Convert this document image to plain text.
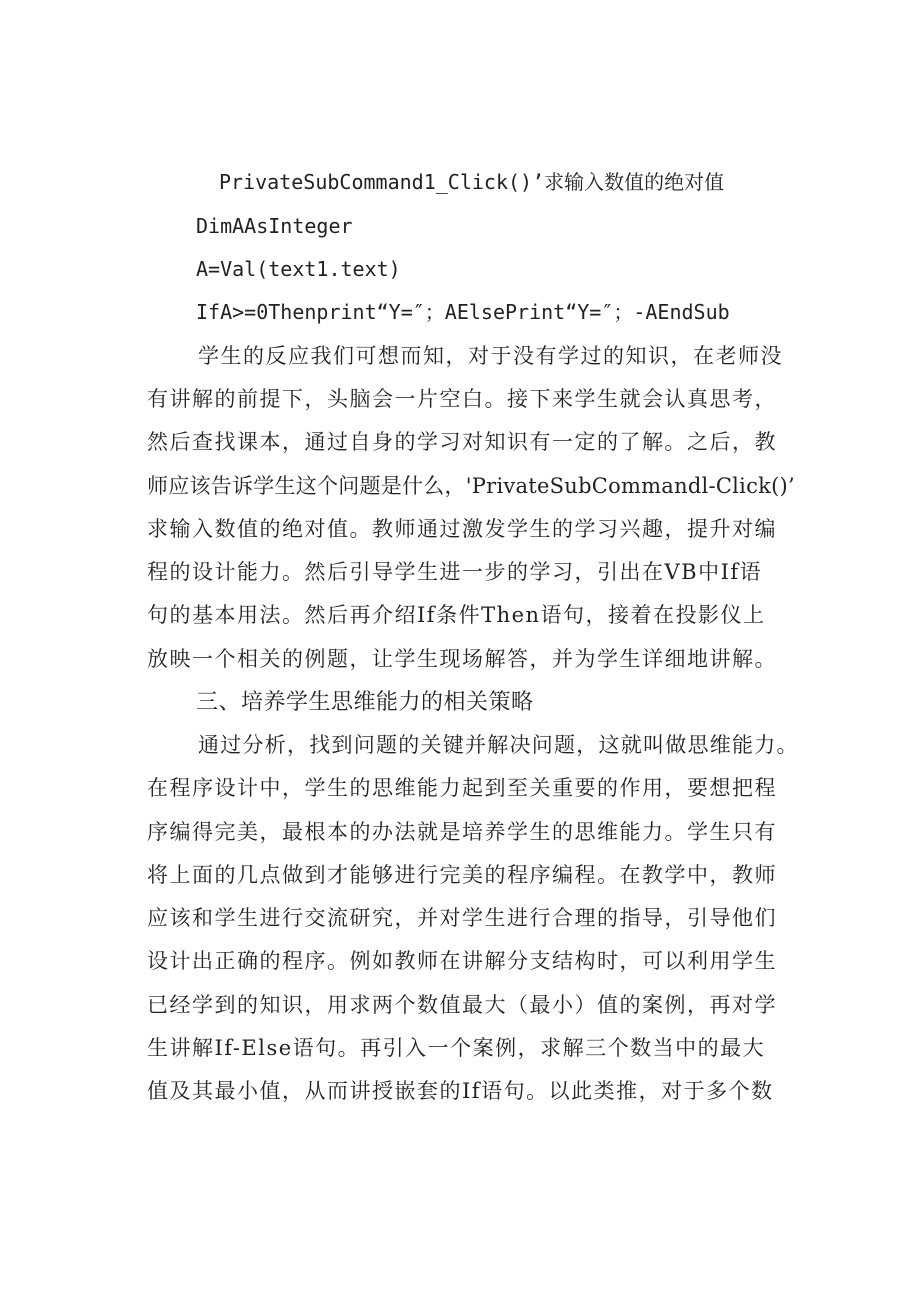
PrivateSubCommand1_Click()’求输入数值的绝对值
DimAAsInteger
A=Val(text1.text)
IfA>=0Thenprint“Y=″；AElsePrint“Y=″；-AEndSub
学生的反应我们可想而知，对于没有学过的知识，在老师没
有讲解的前提下，头脑会一片空白。接下来学生就会认真思考，
然后查找课本，通过自身的学习对知识有一定的了解。之后，教
师应该告诉学生这个问题是什么，'PrivateSubCommandl-Click()’
求输入数值的绝对值。教师通过激发学生的学习兴趣，提升对编
程的设计能力。然后引导学生进一步的学习，引出在VB中If语
句的基本用法。然后再介绍If条件Then语句，接着在投影仪上
放映一个相关的例题，让学生现场解答，并为学生详细地讲解。
三、培养学生思维能力的相关策略
通过分析，找到问题的关键并解决问题，这就叫做思维能力。
在程序设计中，学生的思维能力起到至关重要的作用，要想把程
序编得完美，最根本的办法就是培养学生的思维能力。学生只有
将上面的几点做到才能够进行完美的程序编程。在教学中，教师
应该和学生进行交流研究，并对学生进行合理的指导，引导他们
设计出正确的程序。例如教师在讲解分支结构时，可以利用学生
已经学到的知识，用求两个数值最大（最小）值的案例，再对学
生讲解If-Else语句。再引入一个案例，求解三个数当中的最大
值及其最小值，从而讲授嵌套的If语句。以此类推，对于多个数
